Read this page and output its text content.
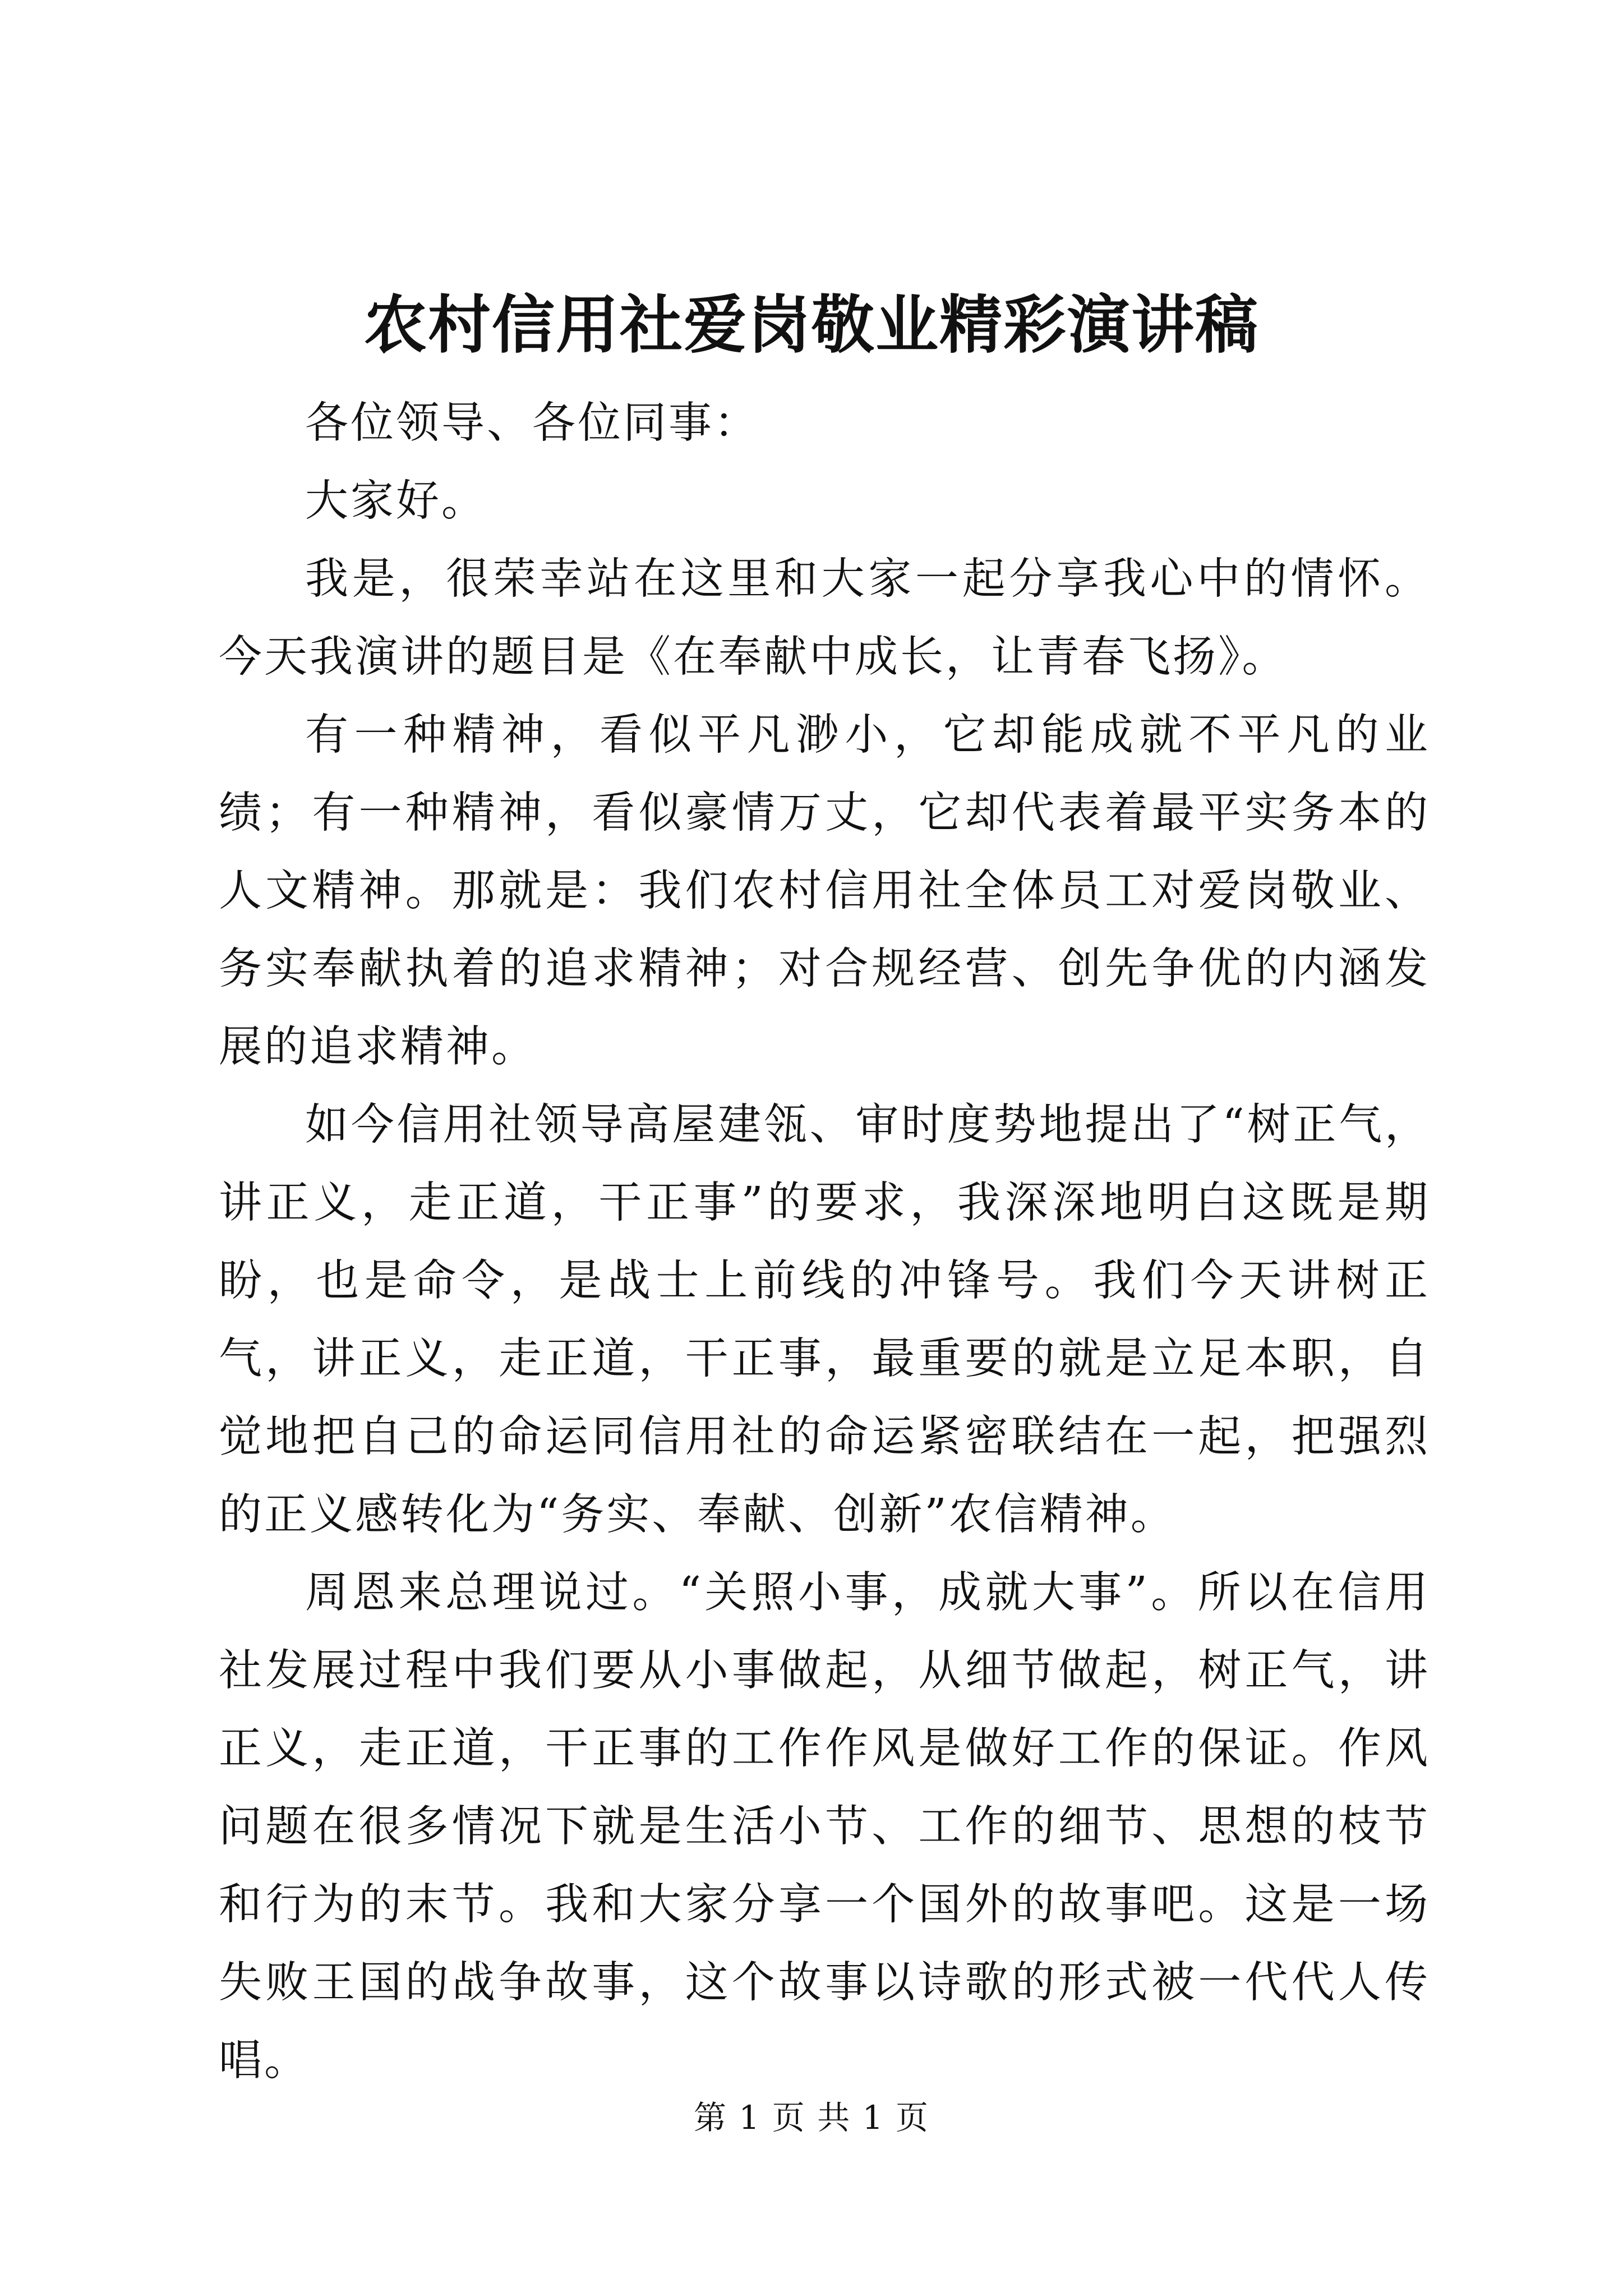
农村信用社爱岗敬业精彩演讲稿

各位领导、各位同事：

大家好。

我是，很荣幸站在这里和大家一起分享我心中的情怀。今天我演讲的题目是《在奉献中成长，让青春飞扬》。

有一种精神，看似平凡渺小，它却能成就不平凡的业绩；有一种精神，看似豪情万丈，它却代表着最平实务本的人文精神。那就是：我们农村信用社全体员工对爱岗敬业、务实奉献执着的追求精神；对合规经营、创先争优的内涵发展的追求精神。

如今信用社领导高屋建瓴、审时度势地提出了“树正气，讲正义，走正道，干正事”的要求，我深深地明白这既是期盼，也是命令，是战士上前线的冲锋号。我们今天讲树正气，讲正义，走正道，干正事，最重要的就是立足本职，自觉地把自己的命运同信用社的命运紧密联结在一起，把强烈的正义感转化为“务实、奉献、创新”农信精神。

周恩来总理说过。“关照小事，成就大事”。所以在信用社发展过程中我们要从小事做起，从细节做起，树正气，讲正义，走正道，干正事的工作作风是做好工作的保证。作风问题在很多情况下就是生活小节、工作的细节、思想的枝节和行为的末节。我和大家分享一个国外的故事吧。这是一场失败王国的战争故事，这个故事以诗歌的形式被一代代人传唱。

第 1 页 共 1 页
